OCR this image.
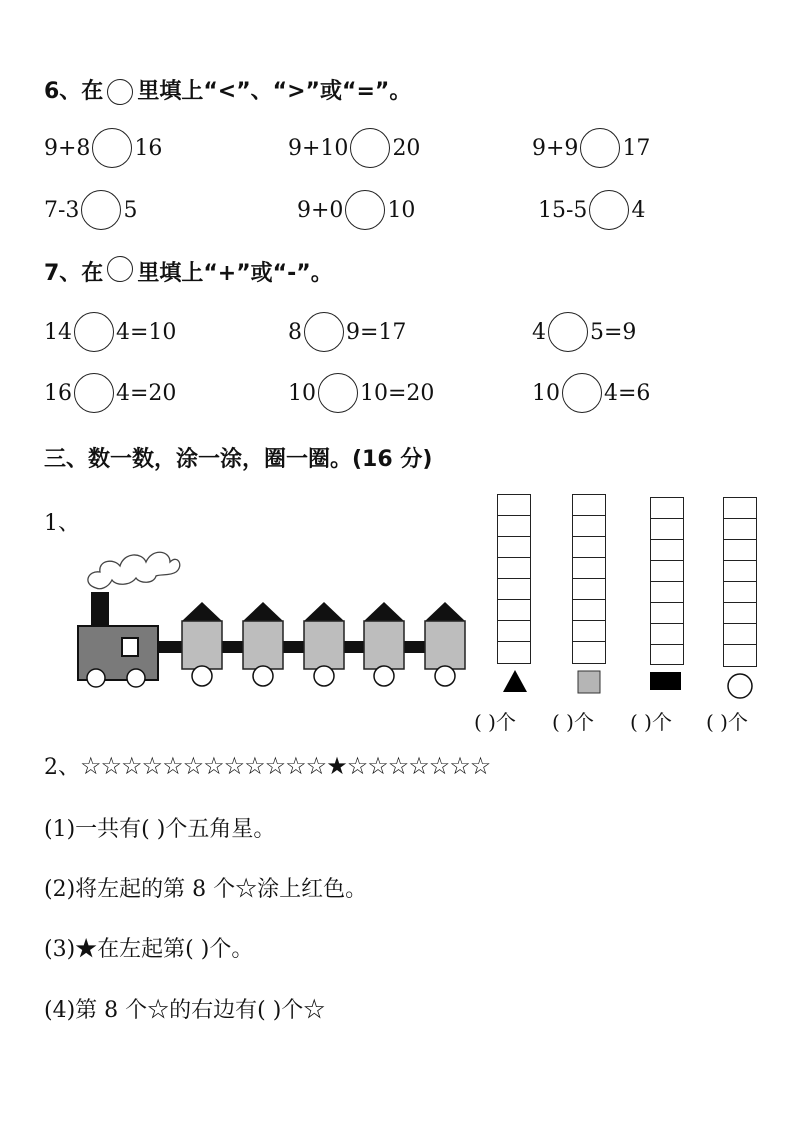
6、在 里填上“<”、“>”或“=”。
9+8 16	9+10 20	9+9 17
7-3 5	9+0 10	15-5 4
7、在 里填上“+”或“-”。
14 4=10	8 9=17	4 5=9
16 4=20	10 10=20	10 4=6
三、数一数，涂一涂，圈一圈。(16 分)
1、
( )个 ( )个 ( )个 ( )个
2、☆☆☆☆☆☆☆☆☆☆☆☆★☆☆☆☆☆☆☆
(1)一共有( )个五角星。
(2)将左起的第 8 个☆涂上红色。
(3)★在左起第( )个。
(4)第 8 个☆的右边有( )个☆
